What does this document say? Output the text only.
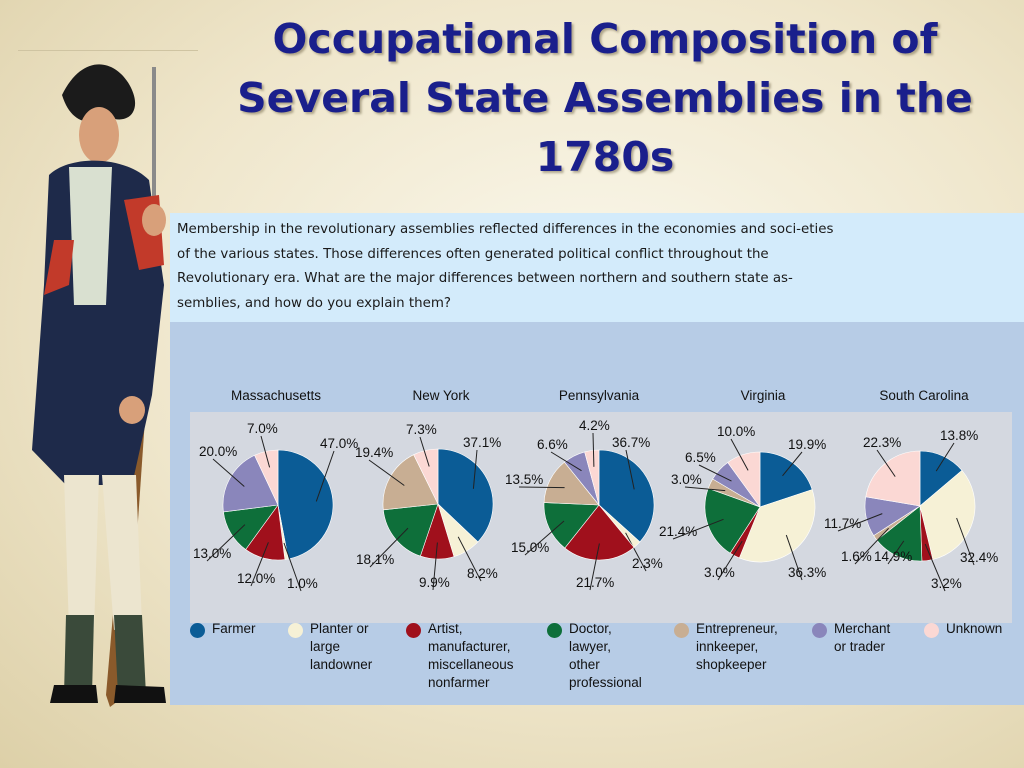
Occupational Composition of Several State Assemblies in the 1780s

Membership in the revolutionary assemblies reflected differences in the economies and soci-eties of the various states. Those differences often generated political conflict throughout the Revolutionary era. What are the major differences between northern and southern state as-semblies, and how do you explain them?

Massachusetts	New York	Pennsylvania	Virginia	South Carolina
47.0%
1.0%
12.0%
13.0%
20.0%
7.0%
37.1%
8.2%
9.9%
18.1%
19.4%
7.3%
36.7%
2.3%
21.7%
15.0%
13.5%
6.6%
4.2%
19.9%
36.3%
3.0%
21.4%
3.0%
6.5%
10.0%	13.8%
32.4%
3.2%
14.9%
1.6%
11.7%
22.3%
Farmer	Planter or
large
landowner
Artist,
manufacturer,
miscellaneous
nonfarmer
Doctor,
lawyer,
other
professional
Entrepreneur,
innkeeper,
shopkeeper
Merchant
or trader
Unknown
